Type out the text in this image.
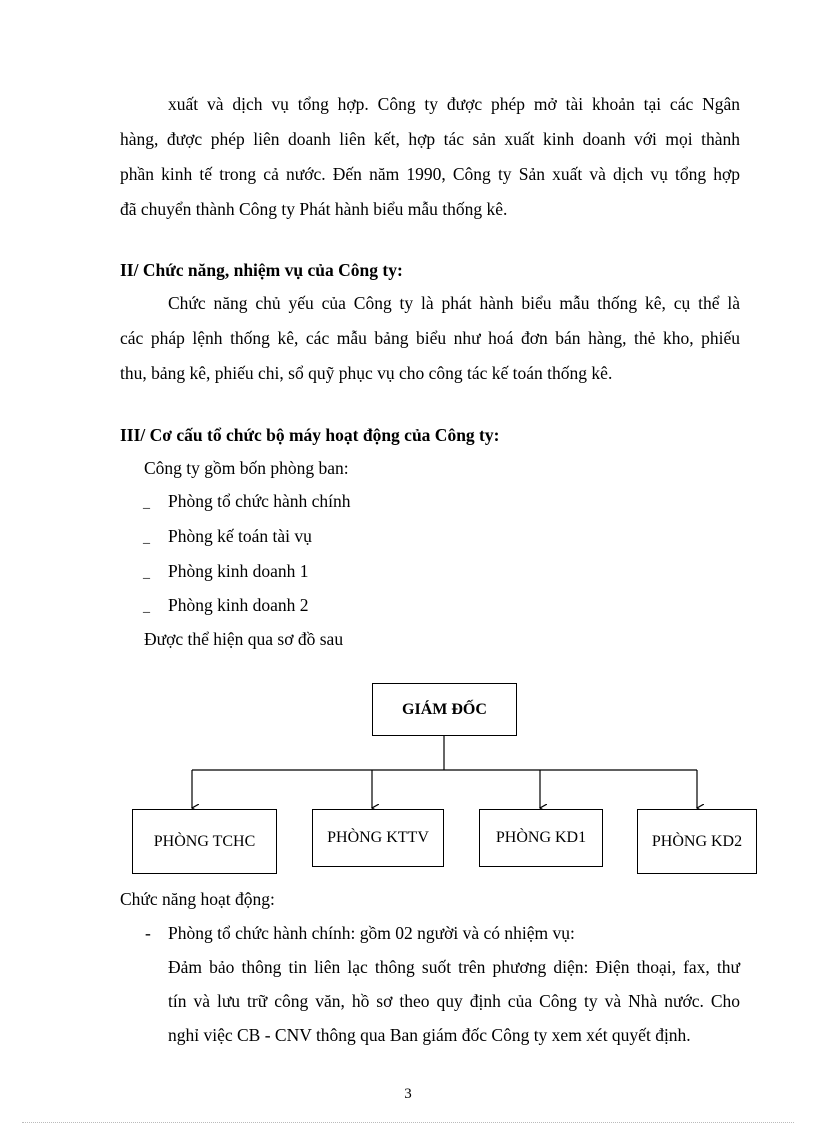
xuất và dịch vụ tổng hợp. Công ty được phép mở tài khoản tại các Ngân
hàng, được phép liên doanh liên kết, hợp tác sản xuất kinh doanh với mọi thành
phần kinh tế trong cả nước. Đến năm 1990, Công ty Sản xuất và dịch vụ tổng hợp
đã chuyển thành Công ty Phát hành biểu mẫu thống kê.
II/ Chức năng, nhiệm vụ của Công ty:
Chức năng chủ yếu của Công ty là phát hành biểu mẫu thống kê, cụ thể là
các pháp lệnh thống kê, các mẫu bảng biểu như hoá đơn bán hàng, thẻ kho, phiếu
thu, bảng kê, phiếu chi, sổ quỹ phục vụ cho công tác kế toán thống kê.
III/ Cơ cấu tổ chức bộ máy hoạt động của Công ty:
Công ty gồm bốn phòng ban:
_ Phòng tổ chức hành chính
_ Phòng kế toán tài vụ
_ Phòng kinh doanh 1
_ Phòng kinh doanh 2
Được thể hiện qua sơ đồ sau
GIÁM ĐỐC
PHÒNG TCHC	PHÒNG KTTV	PHÒNG KD1	PHÒNG KD2
Chức năng hoạt động:
- Phòng tổ chức hành chính: gồm 02 người và có nhiệm vụ:
Đảm bảo thông tin liên lạc thông suốt trên phương diện: Điện thoại, fax, thư
tín và lưu trữ công văn, hồ sơ theo quy định của Công ty và Nhà nước. Cho
nghỉ việc CB - CNV thông qua Ban giám đốc Công ty xem xét quyết định.
3
